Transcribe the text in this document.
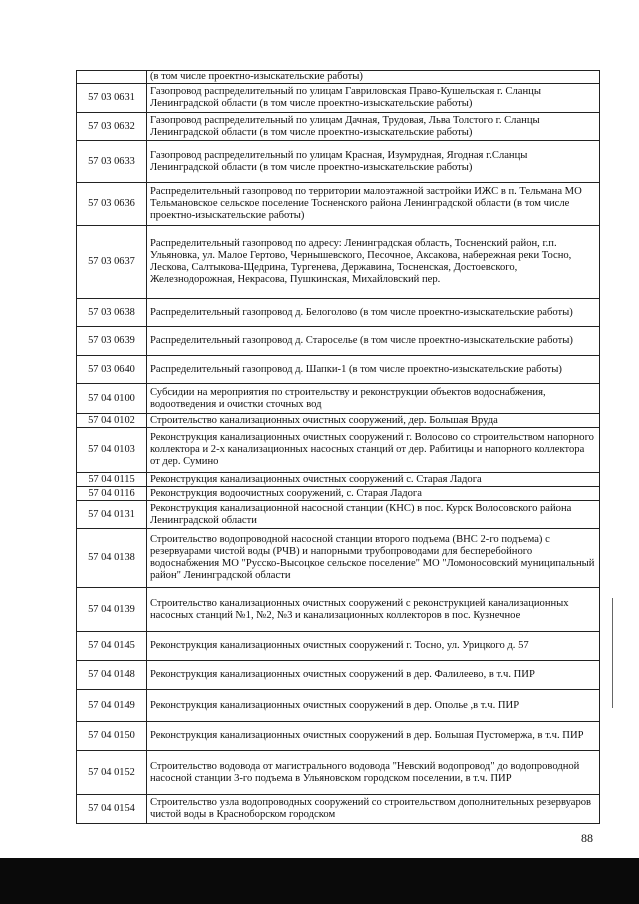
	(в том числе проектно-изыскательские работы)
57 03 0631	Газопровод распределительный по улицам Гавриловская Право-Кушельская г. Сланцы Ленинградской области (в том числе проектно-изыскательские работы)
57 03 0632	Газопровод распределительный по улицам Дачная, Трудовая, Льва Толстого г. Сланцы Ленинградской области (в том числе проектно-изыскательские работы)
57 03 0633	Газопровод распределительный по улицам Красная, Изумрудная, Ягодная г.Сланцы Ленинградской области (в том числе проектно-изыскательские работы)
57 03 0636	Распределительный газопровод по территории малоэтажной застройки ИЖС в п. Тельмана МО Тельмановское сельское поселение Тосненского района Ленинградской области (в том числе проектно-изыскательские работы)
57 03 0637	Распределительный газопровод по адресу: Ленинградская область, Тосненский район, г.п. Ульяновка, ул. Малое Гертово, Чернышевского, Песочное, Аксакова, набережная реки Тосно, Лескова, Салтыкова-Щедрина, Тургенева, Державина, Тосненская, Достоевского, Железнодорожная, Некрасова, Пушкинская, Михайловский пер.
57 03 0638	Распределительный газопровод д. Белоголово (в том числе проектно-изыскательские работы)
57 03 0639	Распределительный газопровод д. Староселье (в том числе проектно-изыскательские работы)
57 03 0640	Распределительный газопровод д. Шапки-1 (в том числе проектно-изыскательские работы)
57 04 0100	Субсидии на мероприятия по строительству и реконструкции объектов водоснабжения, водоотведения и очистки сточных вод
57 04 0102	Строительство канализационных очистных сооружений, дер. Большая Вруда
57 04 0103	Реконструкция канализационных очистных сооружений г. Волосово со строительством напорного коллектора и 2-х канализационных насосных станций от дер. Рабитицы и напорного коллектора от дер. Сумино
57 04 0115	Реконструкция канализационных очистных сооружений с. Старая Ладога
57 04 0116	Реконструкция водоочистных сооружений, с. Старая Ладога
57 04 0131	Реконструкция канализационной насосной станции (КНС) в пос. Курск Волосовского района Ленинградской области
57 04 0138	Строительство водопроводной насосной станции второго подъема (ВНС 2-го подъема) с резервуарами чистой воды (РЧВ) и напорными трубопроводами для бесперебойного водоснабжения МО "Русско-Высоцкое сельское поселение" МО "Ломоносовский муниципальный район" Ленинградской области
57 04 0139	Строительство канализационных очистных сооружений с реконструкцией канализационных насосных станций №1, №2, №3 и канализационных коллекторов в пос. Кузнечное
57 04 0145	Реконструкция канализационных очистных сооружений г. Тосно, ул. Урицкого д. 57
57 04 0148	Реконструкция канализационных очистных сооружений в дер. Фалилеево, в т.ч. ПИР
57 04 0149	Реконструкция канализационных очистных сооружений в дер. Ополье ,в т.ч. ПИР
57 04 0150	Реконструкция канализационных очистных сооружений в дер. Большая Пустомержа, в т.ч. ПИР
57 04 0152	Строительство водовода от магистрального водовода "Невский водопровод" до водопроводной насосной станции 3-го подъема в Ульяновском городском поселении, в т.ч. ПИР
57 04 0154	Строительство узла водопроводных сооружений со строительством дополнительных резервуаров чистой воды в Красноборском городском
88
